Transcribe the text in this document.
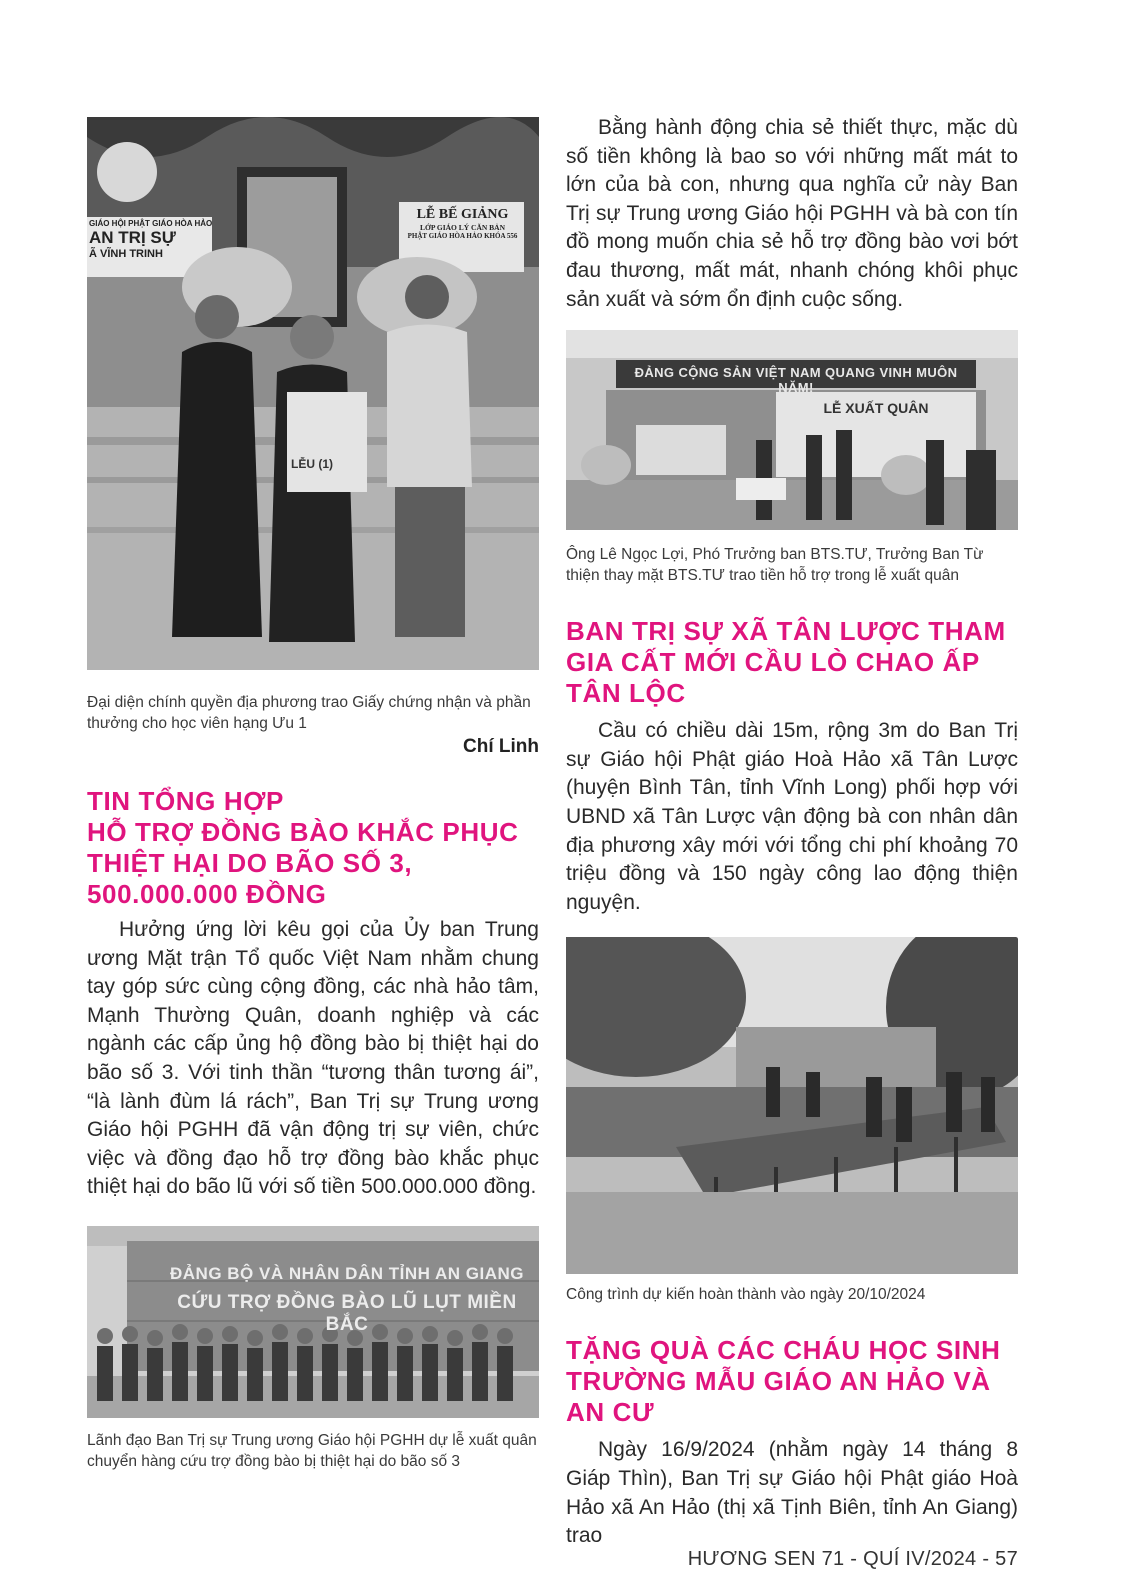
LỄ BẾ GIẢNG
LỚP GIÁO LÝ CĂN BẢN
PHẬT GIÁO HÒA HẢO KHÓA 556
GIÁO HỘI PHẬT GIÁO HÒA HẢO
AN TRỊ SỰ
Ã VĨNH TRINH
LỄU (1)
Đại diện chính quyền địa phương trao Giấy chứng nhận và phần thưởng cho học viên hạng Ưu 1
Chí Linh
TIN TỔNG HỢP
HỖ TRỢ ĐỒNG BÀO KHẮC PHỤC THIỆT HẠI DO BÃO SỐ 3, 500.000.000 ĐỒNG

Hưởng ứng lời kêu gọi của Ủy ban Trung ương Mặt trận Tổ quốc Việt Nam nhằm chung tay góp sức cùng cộng đồng, các nhà hảo tâm, Mạnh Thường Quân, doanh nghiệp và các ngành các cấp ủng hộ đồng bào bị thiệt hại do bão số 3. Với tinh thần “tương thân tương ái”, “là lành đùm lá rách”, Ban Trị sự Trung ương Giáo hội PGHH đã vận động trị sự viên, chức việc và đồng đạo hỗ trợ đồng bào khắc phục thiệt hại do bão lũ với số tiền 500.000.000 đồng.

ĐẢNG BỘ VÀ NHÂN DÂN TỈNH AN GIANG
CỨU TRỢ ĐỒNG BÀO LŨ LỤT MIỀN BẮC
Lãnh đạo Ban Trị sự Trung ương Giáo hội PGHH dự lễ xuất quân chuyển hàng cứu trợ đồng bào bị thiệt hại do bão số 3

Bằng hành động chia sẻ thiết thực, mặc dù số tiền không là bao so với những mất mát to lớn của bà con, nhưng qua nghĩa cử này Ban Trị sự Trung ương Giáo hội PGHH và bà con tín đồ mong muốn chia sẻ hỗ trợ đồng bào vơi bớt đau thương, mất mát, nhanh chóng khôi phục sản xuất và sớm ổn định cuộc sống.

ĐẢNG CỘNG SẢN VIỆT NAM QUANG VINH MUÔN NĂM!
LỄ XUẤT QUÂN
Ông Lê Ngọc Lợi, Phó Trưởng ban BTS.TƯ, Trưởng Ban Từ thiện thay mặt BTS.TƯ trao tiền hỗ trợ trong lễ xuất quân
BAN TRỊ SỰ XÃ TÂN LƯỢC THAM GIA CẤT MỚI CẦU LÒ CHAO ẤP TÂN LỘC

Cầu có chiều dài 15m, rộng 3m do Ban Trị sự Giáo hội Phật giáo Hoà Hảo xã Tân Lược (huyện Bình Tân, tỉnh Vĩnh Long) phối hợp với UBND xã Tân Lược vận động bà con nhân dân địa phương xây mới với tổng chi phí khoảng 70 triệu đồng và 150 ngày công lao động thiện nguyện.

Công trình dự kiến hoàn thành vào ngày 20/10/2024
TẶNG QUÀ CÁC CHÁU HỌC SINH TRƯỜNG MẪU GIÁO AN HẢO VÀ AN CƯ

Ngày 16/9/2024 (nhằm ngày 14 tháng 8 Giáp Thìn), Ban Trị sự Giáo hội Phật giáo Hoà Hảo xã An Hảo (thị xã Tịnh Biên, tỉnh An Giang) trao

HƯƠNG SEN 71 - QUÍ IV/2024 - 57
